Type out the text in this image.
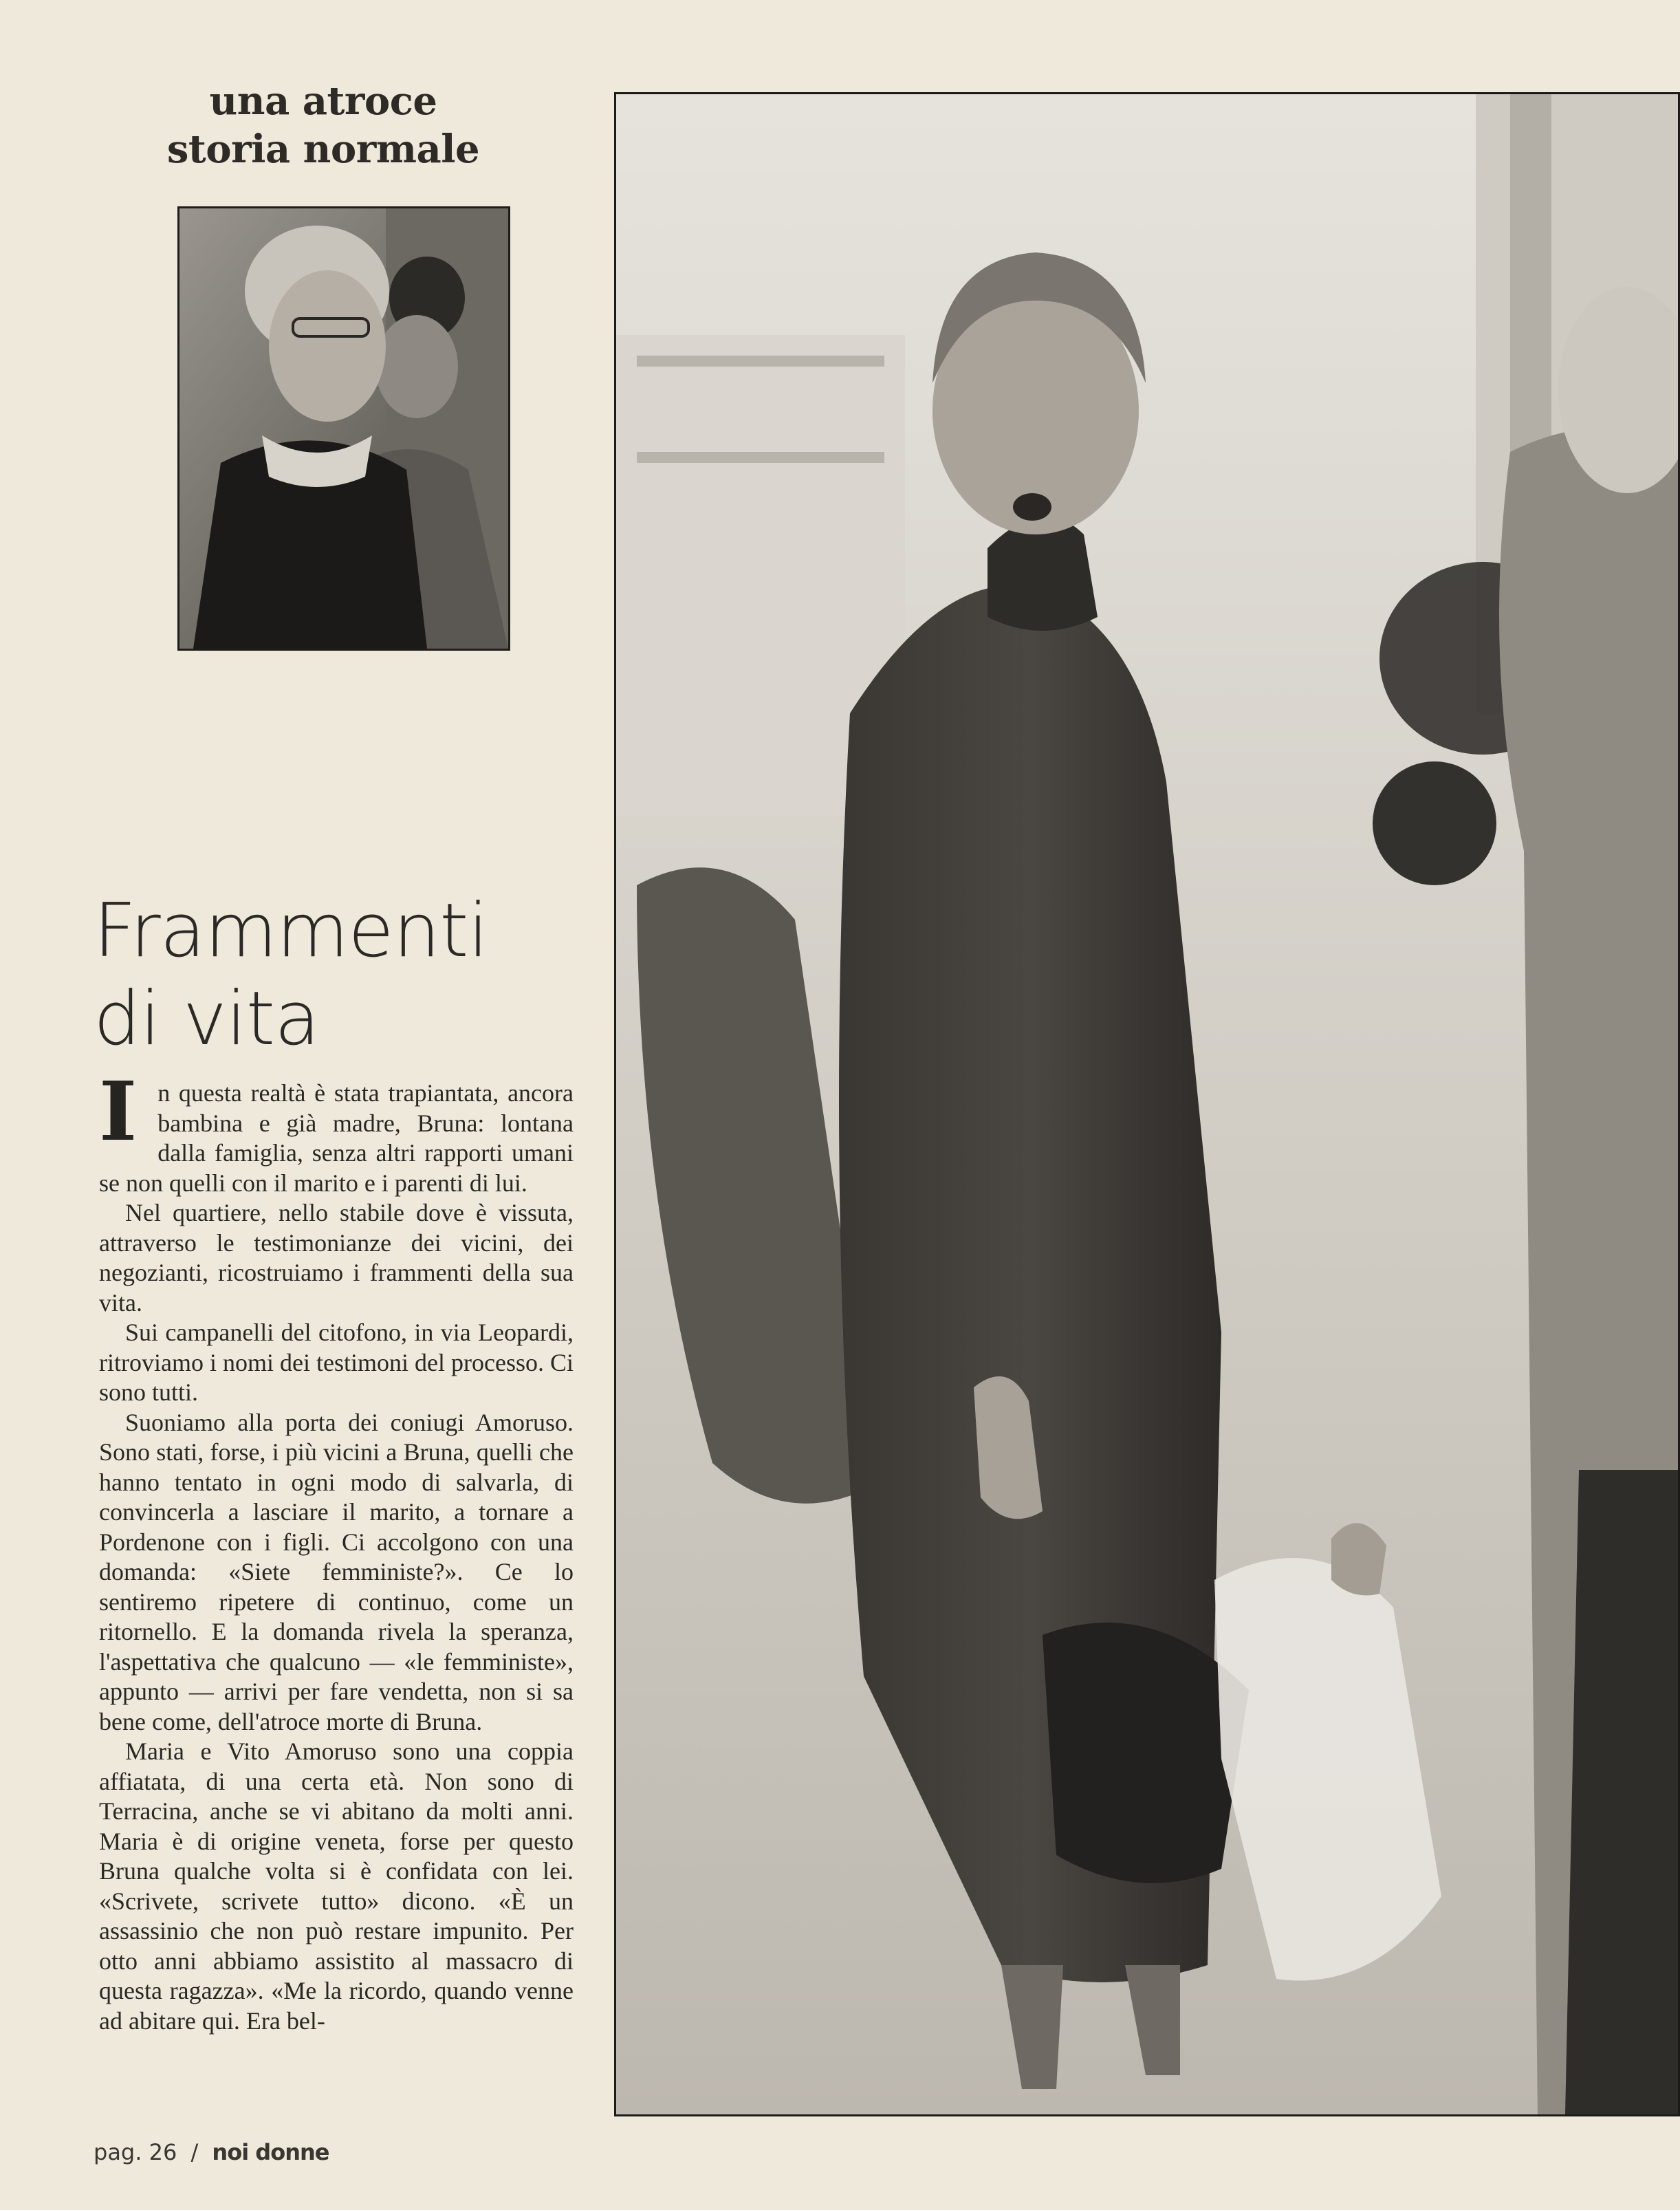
una atroce
storia normale
Frammenti
di vita

In questa realtà è stata trapiantata, ancora bambina e già madre, Bruna: lontana dalla famiglia, senza altri rapporti umani se non quelli con il marito e i parenti di lui.

Nel quartiere, nello stabile dove è vissuta, attraverso le testimonianze dei vicini, dei negozianti, ricostruiamo i frammenti della sua vita.

Sui campanelli del citofono, in via Leopardi, ritroviamo i nomi dei testimoni del processo. Ci sono tutti.

Suoniamo alla porta dei coniugi Amoruso. Sono stati, forse, i più vicini a Bruna, quelli che hanno tentato in ogni modo di salvarla, di convincerla a lasciare il marito, a tornare a Pordenone con i figli. Ci accolgono con una domanda: «Siete femministe?». Ce lo sentiremo ripetere di continuo, come un ritornello. E la domanda rivela la speranza, l'aspettativa che qualcuno — «le femministe», appunto — arrivi per fare vendetta, non si sa bene come, dell'atroce morte di Bruna.

Maria e Vito Amoruso sono una coppia affiatata, di una certa età. Non sono di Terracina, anche se vi abitano da molti anni. Maria è di origine veneta, forse per questo Bruna qualche volta si è confidata con lei. «Scrivete, scrivete tutto» dicono. «È un assassinio che non può restare impunito. Per otto anni abbiamo assistito al massacro di questa ragazza». «Me la ricordo, quando venne ad abitare qui. Era bel-

pag. 26 / noi donne
